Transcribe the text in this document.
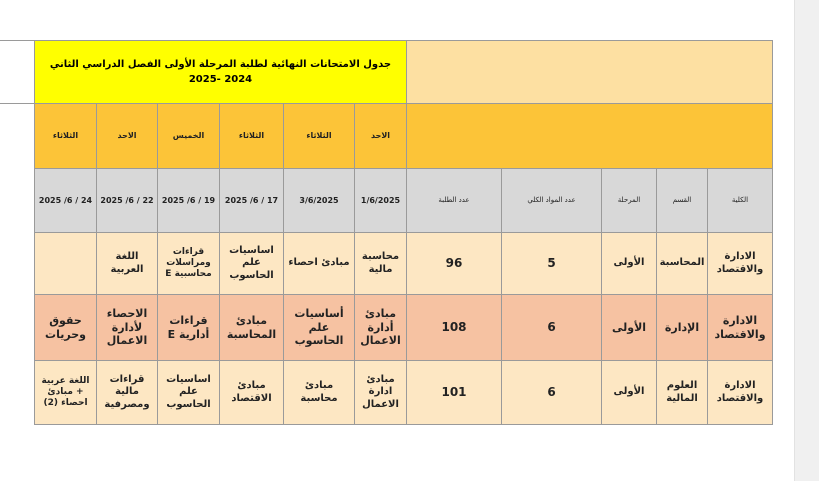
					جدول الامتحانات النهائية لطلبة المرحلة الأولى الفصل الدراسي الثاني
2024 -2025					

					الاحد	الثلاثاء	الثلاثاء	الخميس	الاحد	الثلاثاء
الكلية	القسم	المرحلة	عدد المواد الكلي	عدد الطلبة	1/6/2025	3/6/2025	17 / 6/ 2025	19 / 6/ 2025	22 / 6/ 2025	24 / 6/ 2025
الادارة والاقتصاد	المحاسبة	الأولى	5	96	محاسبة مالية	مبادئ احصاء	اساسيات علم الحاسوب	قراءات ومراسلات محاسبية E	اللغة العربية	
الادارة والاقتصاد	الإدارة	الأولى	6	108	مبادئ أدارة الاعمال	أساسيات علم الحاسوب	مبادئ المحاسبة	قراءات أدارية E	الاحصاء لأدارة الاعمال	حقوق وحريات
الادارة والاقتصاد	العلوم المالية	الأولى	6	101	مبادئ ادارة الاعمال	مبادئ محاسبة	مبادئ الاقتصاد	اساسيات علم الحاسوب	قراءات مالية ومصرفية	اللغة عربية + مبادئ احصاء (2)
